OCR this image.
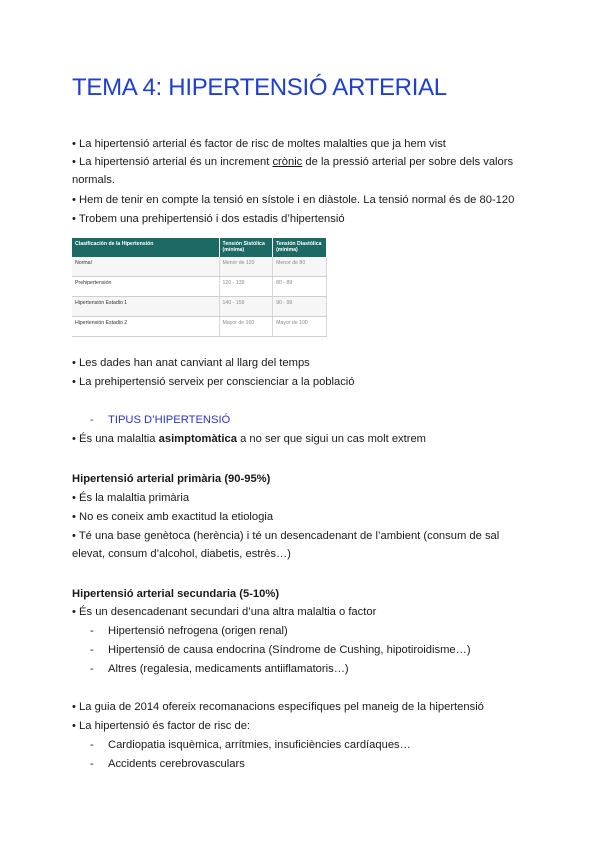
TEMA 4: HIPERTENSIÓ ARTERIAL
• La hipertensió arterial és factor de risc de moltes malalties que ja hem vist
• La hipertensió arterial és un increment crònic de la pressió arterial per sobre dels valors
normals.
• Hem de tenir en compte la tensió en sístole i en diàstole. La tensió normal és de 80-120
• Trobem una prehipertensió i dos estadis d’hipertensió
Clasificación de la Hipertensión	Tensión Sistólica (mínima)	Tensión Diastólica (mínima)
Normal	Menor de 120	Menor de 80
Prehipertensión	120 - 139	80 - 89
Hipertensión Estadio 1	140 - 159	90 - 99
Hipertensión Estadio 2	Mayor de 160	Mayor de 100
• Les dades han anat canviant al llarg del temps
• La prehipertensió serveix per conscienciar a la població
- TIPUS D’HIPERTENSIÓ
• És una malaltia asimptomàtica a no ser que sigui un cas molt extrem
Hipertensió arterial primària (90-95%)
• És la malaltia primària
• No es coneix amb exactitud la etiologia
• Té una base genètoca (herència) i té un desencadenant de l’ambient (consum de sal elevat, consum d’alcohol, diabetis, estrès…)
Hipertensió arterial secundaria (5-10%)
• És un desencadenant secundari d’una altra malaltia o factor
- Hipertensió nefrogena (origen renal)
- Hipertensió de causa endocrina (Síndrome de Cushing, hipotiroidisme…)
- Altres (regalesia, medicaments antiiflamatoris…)
• La guia de 2014 ofereix recomanacions específiques pel maneig de la hipertensió
• La hipertensió és factor de risc de:
- Cardiopatia isquèmica, arrítmies, insuficiències cardíaques…
- Accidents cerebrovasculars
